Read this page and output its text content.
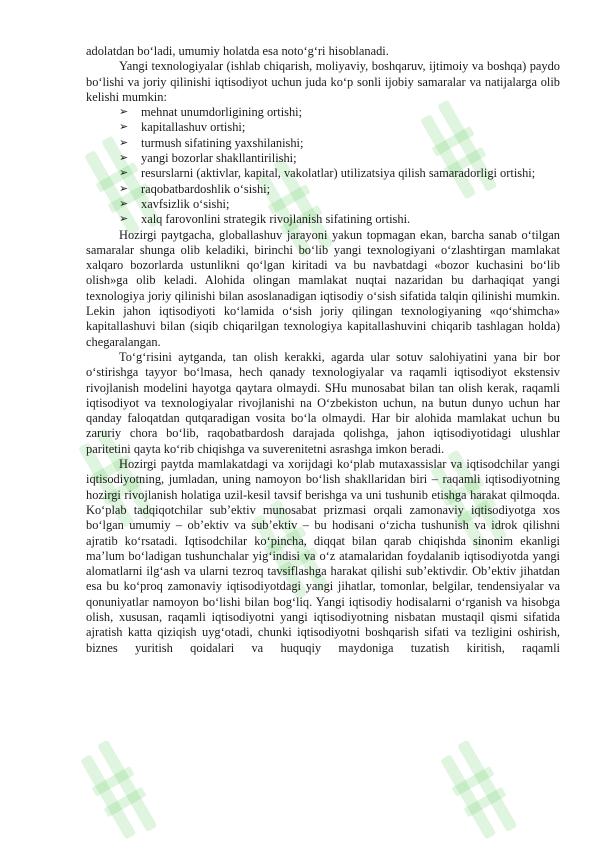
adolatdan bo‘ladi, umumiy holatda esa noto‘g‘ri hisoblanadi.

Yangi texnologiyalar (ishlab chiqarish, moliyaviy, boshqaruv, ijtimoiy va boshqa) paydo bo‘lishi va joriy qilinishi iqtisodiyot uchun juda ko‘p sonli ijobiy samaralar va natijalarga olib kelishi mumkin:

➢ mehnat unumdorligining ortishi;
➢ kapitallashuv ortishi;
➢ turmush sifatining yaxshilanishi;
➢ yangi bozorlar shakllantirilishi;
➢ resurslarni (aktivlar, kapital, vakolatlar) utilizatsiya qilish samaradorligi ortishi;
➢ raqobatbardoshlik o‘sishi;
➢ xavfsizlik o‘sishi;
➢ xalq farovonlini strategik rivojlanish sifatining ortishi.

Hozirgi paytgacha, globallashuv jarayoni yakun topmagan ekan, barcha sanab o‘tilgan samaralar shunga olib keladiki, birinchi bo‘lib yangi texnologiyani o‘zlashtirgan mamlakat xalqaro bozorlarda ustunlikni qo‘lgan kiritadi va bu navbatdagi «bozor kuchasini bo‘lib olish»ga olib keladi. Alohida olingan mamlakat nuqtai nazaridan bu darhaqiqat yangi texnologiya joriy qilinishi bilan asoslanadigan iqtisodiy o‘sish sifatida talqin qilinishi mumkin. Lekin jahon iqtisodiyoti ko‘lamida o‘sish joriy qilingan texnologiyaning «qo‘shimcha» kapitallashuvi bilan (siqib chiqarilgan texnologiya kapitallashuvini chiqarib tashlagan holda) chegaralangan.

To‘g‘risini aytganda, tan olish kerakki, agarda ular sotuv salohiyatini yana bir bor o‘stirishga tayyor bo‘lmasa, hech qanady texnologiyalar va raqamli iqtisodiyot ekstensiv rivojlanish modelini hayotga qaytara olmaydi. SHu munosabat bilan tan olish kerak, raqamli iqtisodiyot va texnologiyalar rivojlanishi na O‘zbekiston uchun, na butun dunyo uchun har qanday faloqatdan qutqaradigan vosita bo‘la olmaydi. Har bir alohida mamlakat uchun bu zaruriy chora bo‘lib, raqobatbardosh darajada qolishga, jahon iqtisodiyotidagi ulushlar paritetini qayta ko‘rib chiqishga va suverenitetni asrashga imkon beradi.

Hozirgi paytda mamlakatdagi va xorijdagi ko‘plab mutaxassislar va iqtisodchilar yangi iqtisodiyotning, jumladan, uning namoyon bo‘lish shakllaridan biri – raqamli iqtisodiyotning hozirgi rivojlanish holatiga uzil-kesil tavsif berishga va uni tushunib etishga harakat qilmoqda. Ko‘plab tadqiqotchilar sub’ektiv munosabat prizmasi orqali zamonaviy iqtisodiyotga xos bo‘lgan umumiy – ob’ektiv va sub’ektiv – bu hodisani o‘zicha tushunish va idrok qilishni ajratib ko‘rsatadi. Iqtisodchilar ko‘pincha, diqqat bilan qarab chiqishda sinonim ekanligi ma’lum bo‘ladigan tushunchalar yig‘indisi va o‘z atamalaridan foydalanib iqtisodiyotda yangi alomatlarni ilg‘ash va ularni tezroq tavsiflashga harakat qilishi sub’ektivdir. Ob’ektiv jihatdan esa bu ko‘proq zamonaviy iqtisodiyotdagi yangi jihatlar, tomonlar, belgilar, tendensiyalar va qonuniyatlar namoyon bo‘lishi bilan bog‘liq. Yangi iqtisodiy hodisalarni o‘rganish va hisobga olish, xususan, raqamli iqtisodiyotni yangi iqtisodiyotning nisbatan mustaqil qismi sifatida ajratish katta qiziqish uyg‘otadi, chunki iqtisodiyotni boshqarish sifati va tezligini oshirish, biznes yuritish qoidalari va huquqiy maydoniga tuzatish kiritish, raqamli
